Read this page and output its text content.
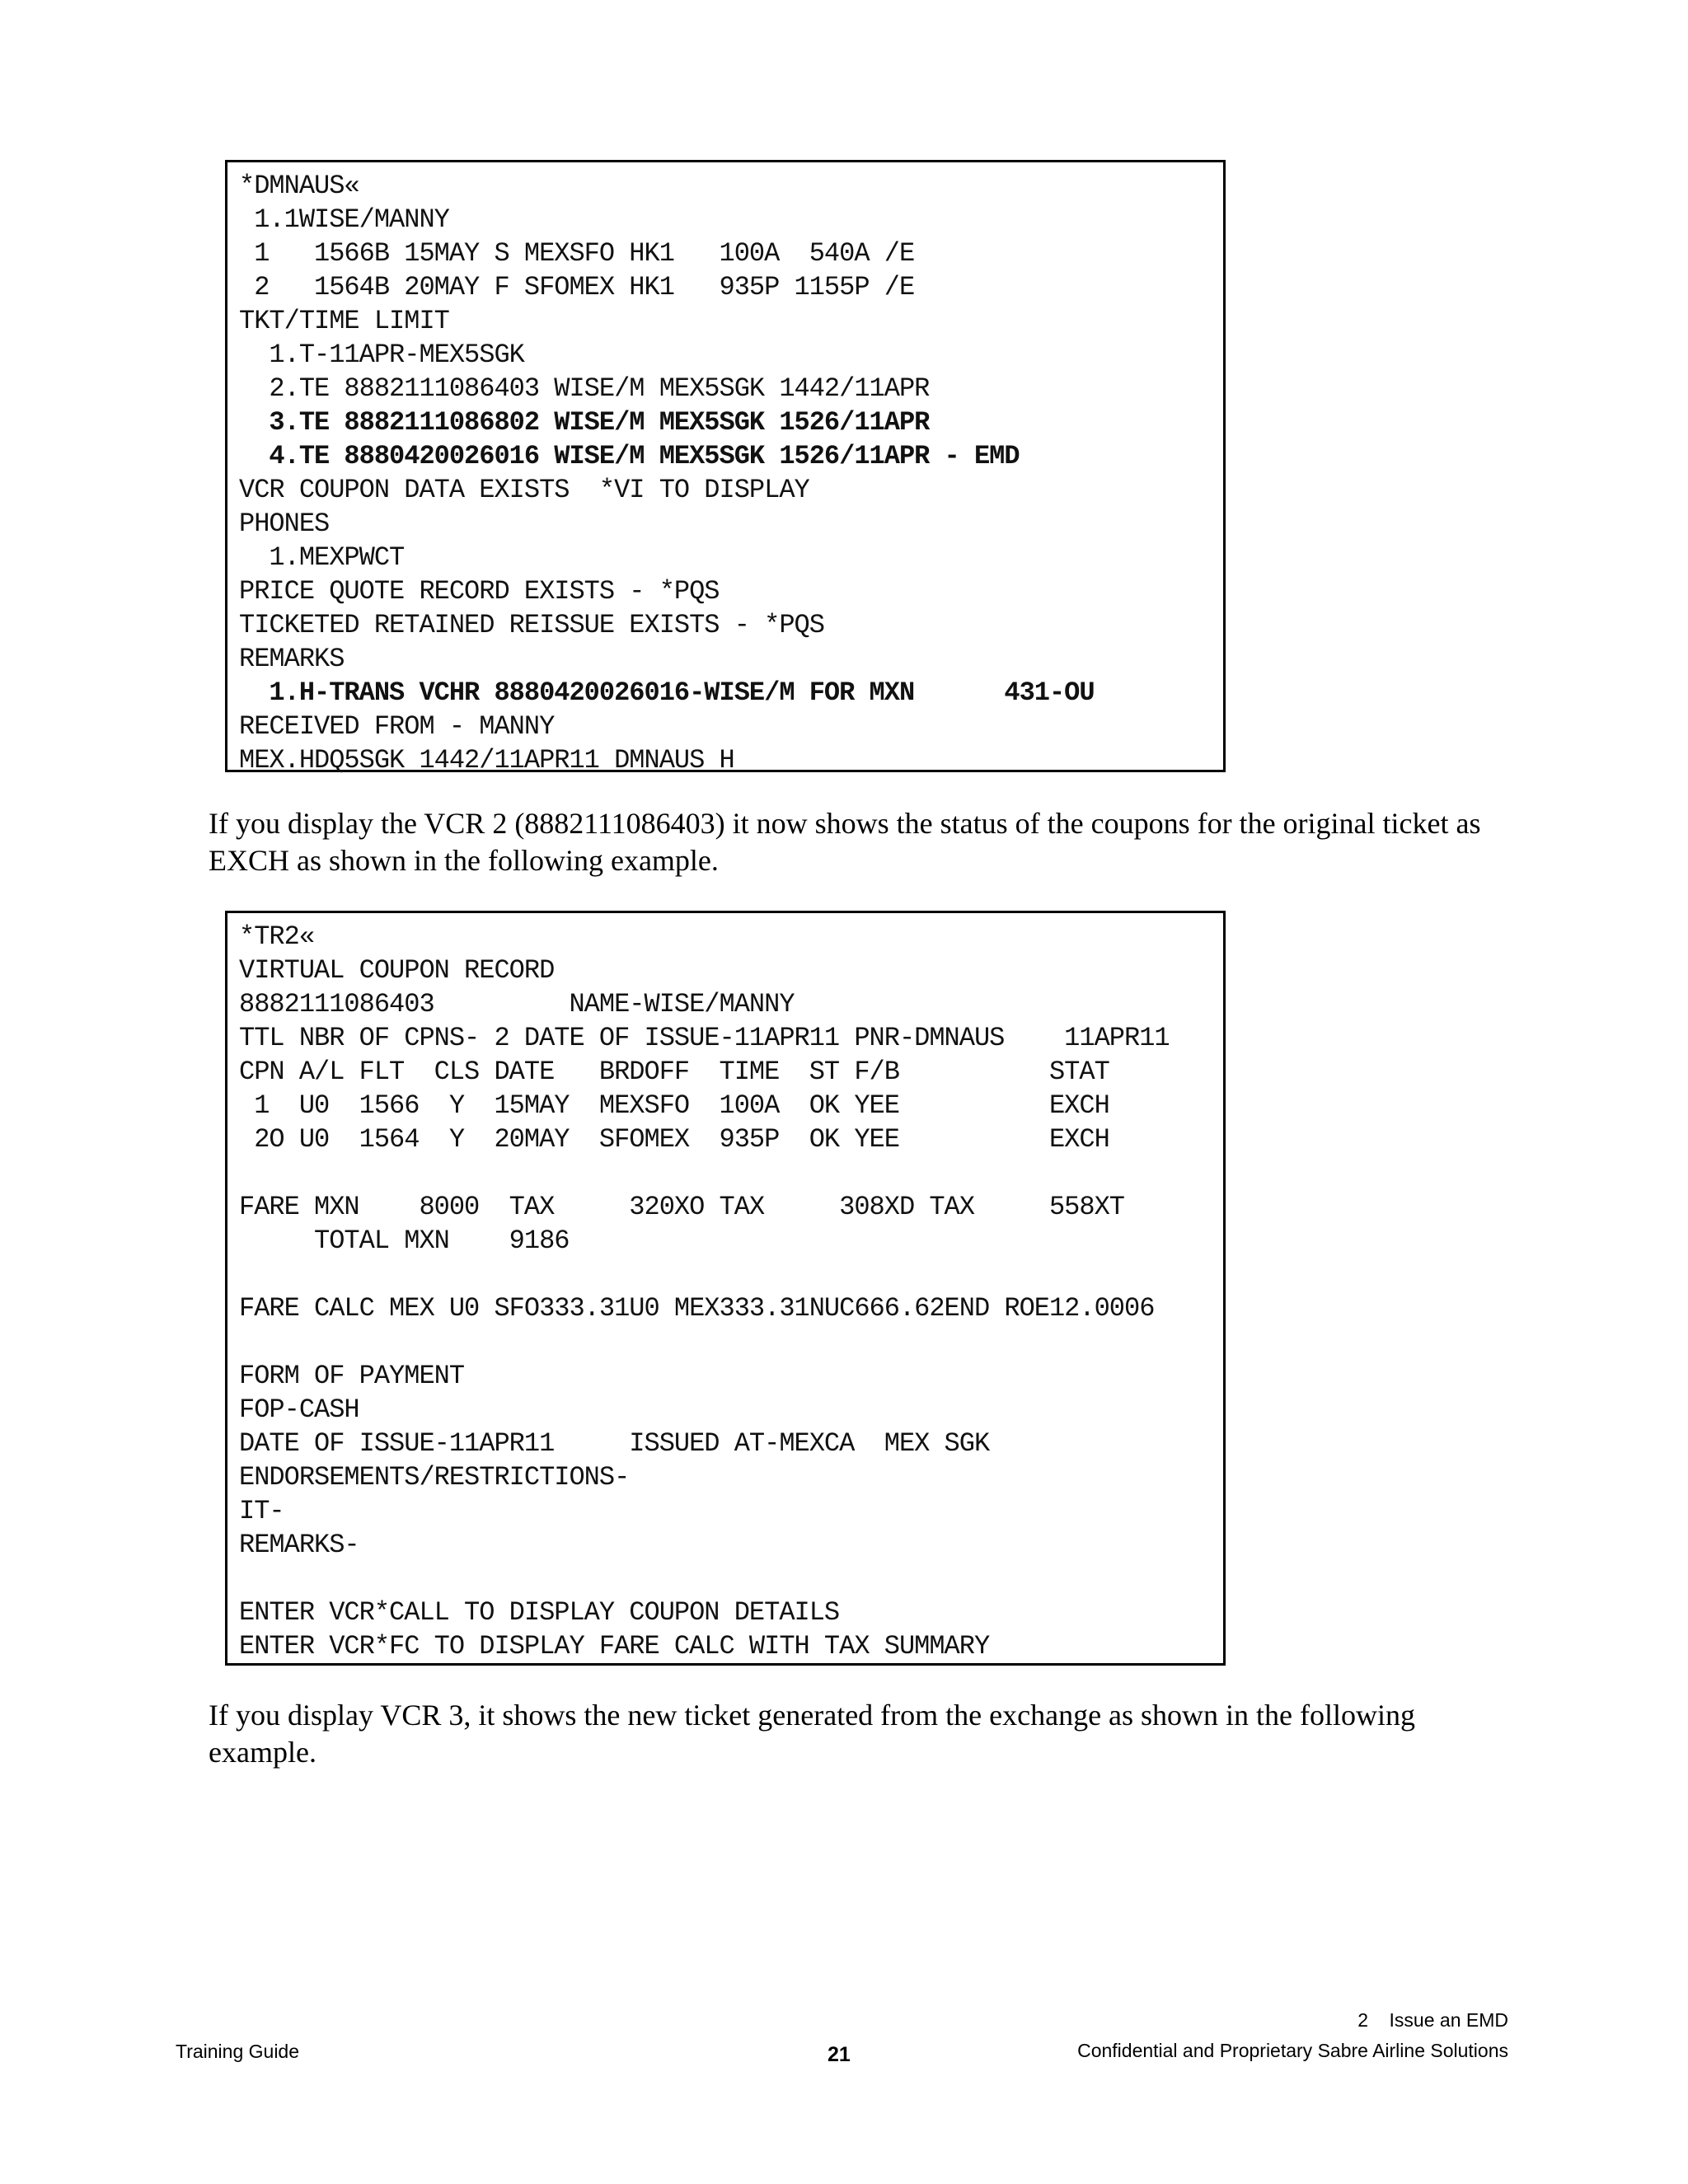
*DMNAUS«
1.1WISE/MANNY
1   1566B 15MAY S MEXSFO HK1   100A  540A /E
2   1564B 20MAY F SFOMEX HK1   935P 1155P /E
TKT/TIME LIMIT
1.T-11APR-MEX5SGK
2.TE 8882111086403 WISE/M MEX5SGK 1442/11APR
3.TE 8882111086802 WISE/M MEX5SGK 1526/11APR
4.TE 8880420026016 WISE/M MEX5SGK 1526/11APR - EMD
VCR COUPON DATA EXISTS  *VI TO DISPLAY
PHONES
1.MEXPWCT
PRICE QUOTE RECORD EXISTS - *PQS
TICKETED RETAINED REISSUE EXISTS - *PQS
REMARKS
1.H-TRANS VCHR 8880420026016-WISE/M FOR MXN      431-OU
RECEIVED FROM - MANNY
MEX.HDQ5SGK 1442/11APR11 DMNAUS H

If you display the VCR 2 (8882111086403) it now shows the status of the coupons for the original ticket as EXCH as shown in the following example.

*TR2«
VIRTUAL COUPON RECORD
8882111086403         NAME-WISE/MANNY
TTL NBR OF CPNS- 2 DATE OF ISSUE-11APR11 PNR-DMNAUS    11APR11
CPN A/L FLT  CLS DATE   BRDOFF  TIME  ST F/B          STAT
1  U0  1566  Y  15MAY  MEXSFO  100A  OK YEE          EXCH
2O U0  1564  Y  20MAY  SFOMEX  935P  OK YEE          EXCH
FARE MXN    8000  TAX     320XO TAX     308XD TAX     558XT
TOTAL MXN    9186
FARE CALC MEX U0 SFO333.31U0 MEX333.31NUC666.62END ROE12.0006
FORM OF PAYMENT
FOP-CASH
DATE OF ISSUE-11APR11     ISSUED AT-MEXCA  MEX SGK
ENDORSEMENTS/RESTRICTIONS-
IT-
REMARKS-
ENTER VCR*CALL TO DISPLAY COUPON DETAILS
ENTER VCR*FC TO DISPLAY FARE CALC WITH TAX SUMMARY

If you display VCR 3, it shows the new ticket generated from the exchange as shown in the following example.

Training Guide	21
2    Issue an EMD
Confidential and Proprietary Sabre Airline Solutions
